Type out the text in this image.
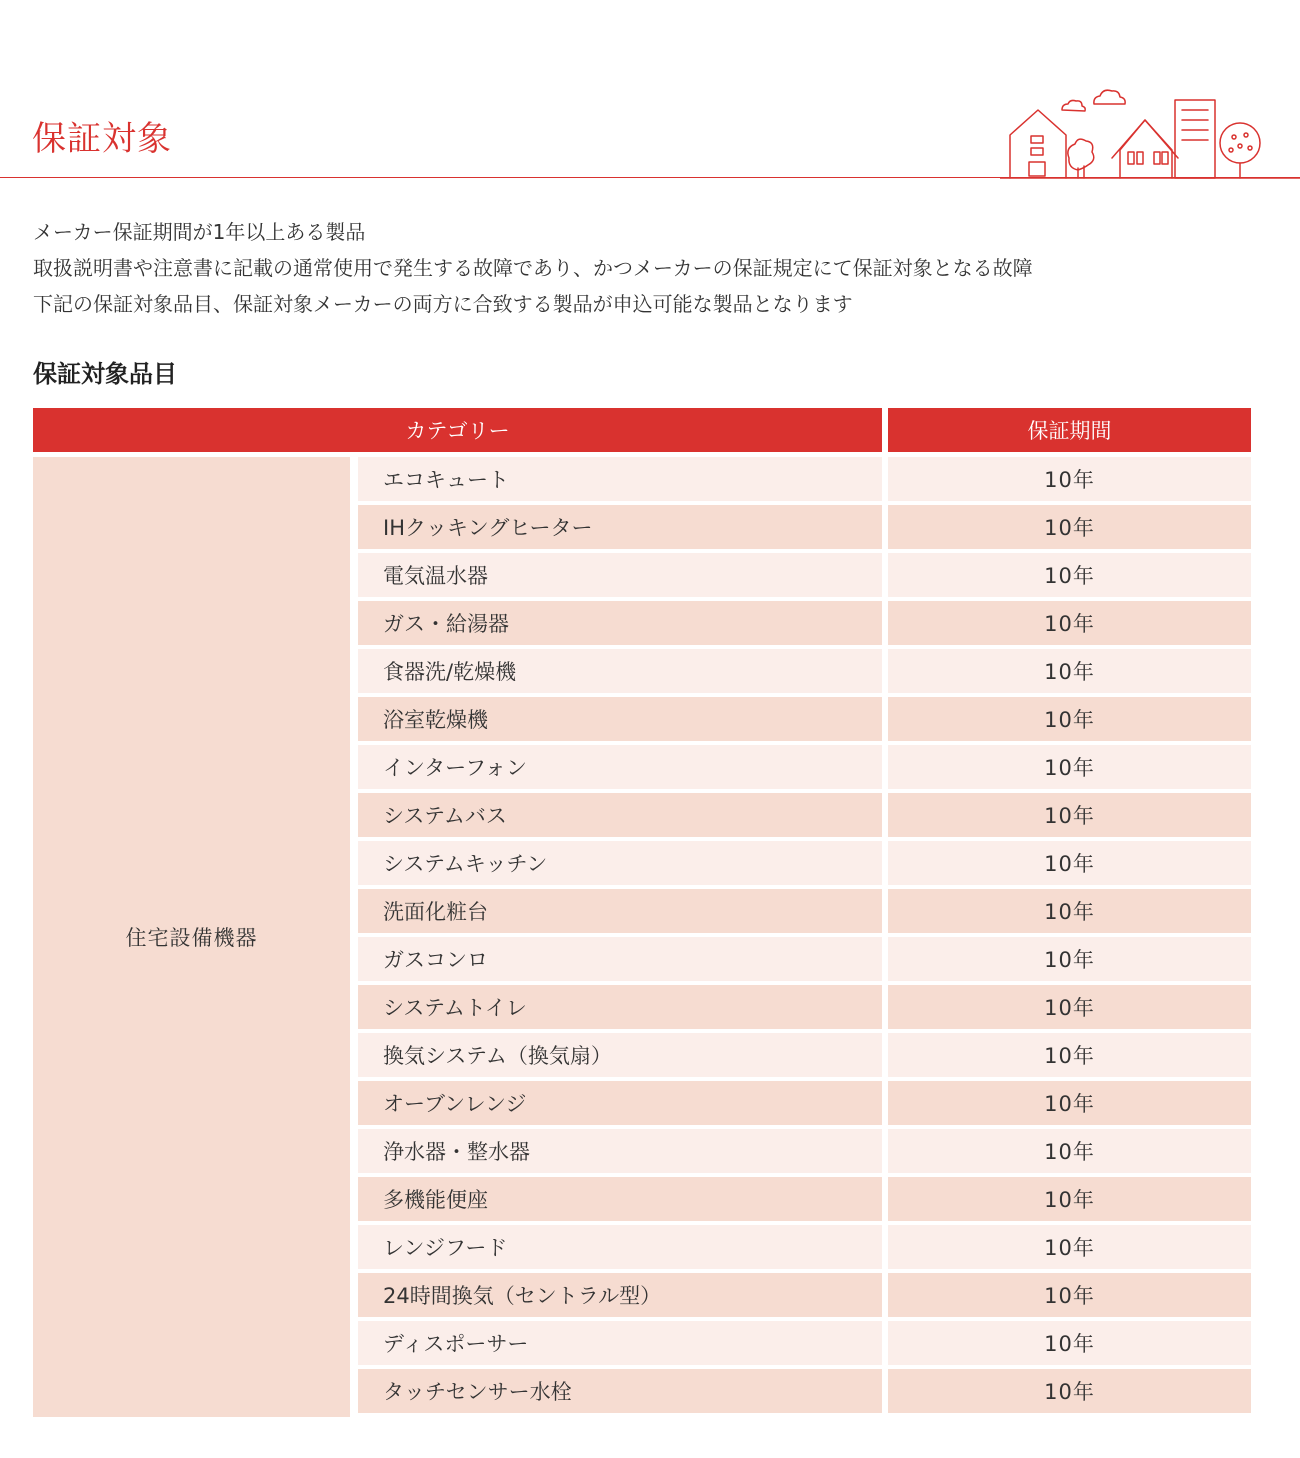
保証対象

メーカー保証期間が1年以上ある製品

取扱説明書や注意書に記載の通常使用で発生する故障であり、かつメーカーの保証規定にて保証対象となる故障

下記の保証対象品目、保証対象メーカーの両方に合致する製品が申込可能な製品となります

保証対象品目
カテゴリー	保証期間
住宅設備機器
エコキュート	10年
IHクッキングヒーター	10年
電気温水器	10年
ガス・給湯器	10年
食器洗/乾燥機	10年
浴室乾燥機	10年
インターフォン	10年
システムバス	10年
システムキッチン	10年
洗面化粧台	10年
ガスコンロ	10年
システムトイレ	10年
換気システム（換気扇）	10年
オーブンレンジ	10年
浄水器・整水器	10年
多機能便座	10年
レンジフード	10年
24時間換気（セントラル型）	10年
ディスポーサー	10年
タッチセンサー水栓	10年
